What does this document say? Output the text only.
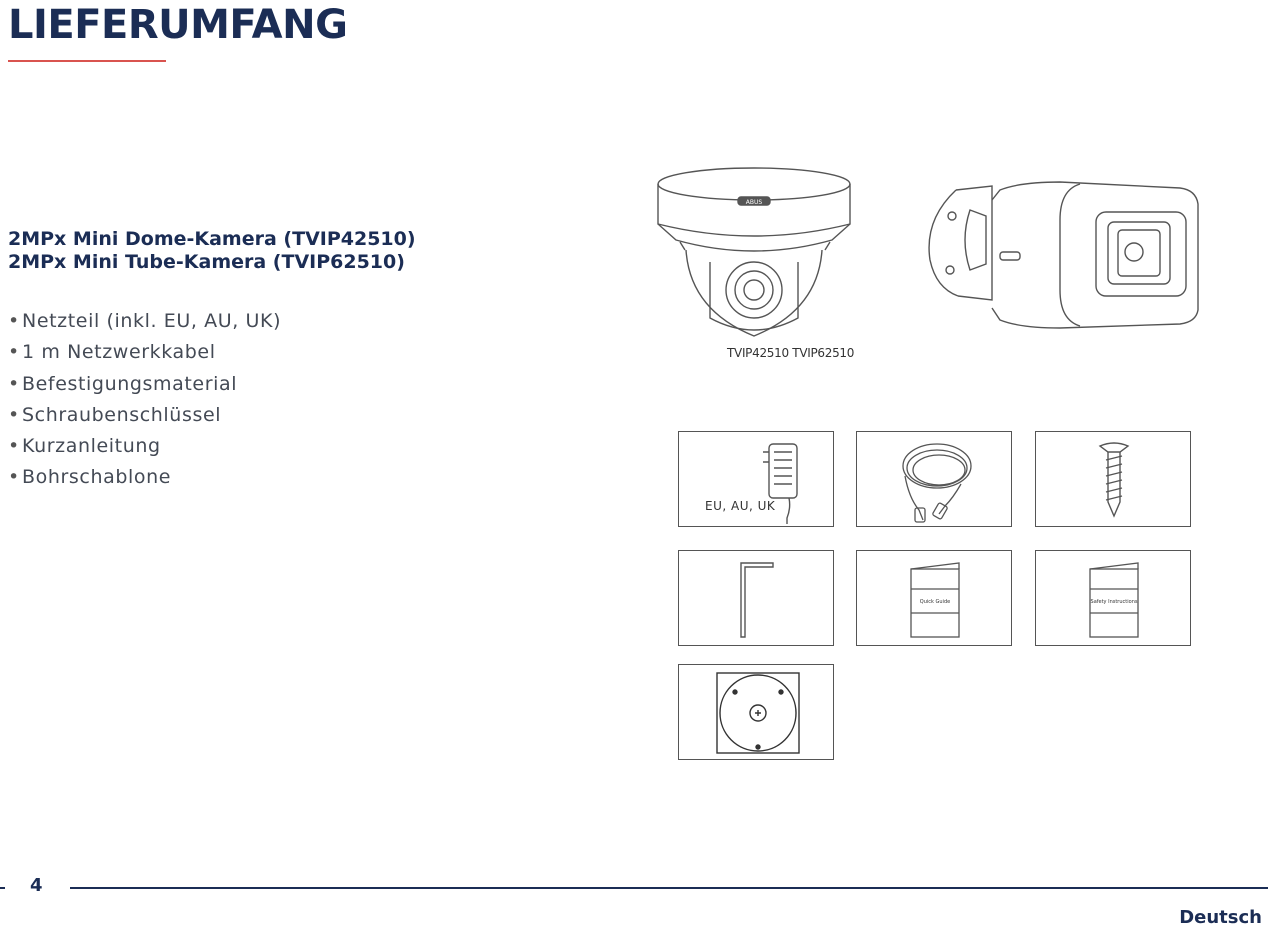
LIEFERUMFANG
2MPx Mini Dome-Kamera (TVIP42510)
2MPx Mini Tube-Kamera (TVIP62510)
• Netzteil (inkl. EU, AU, UK)
• 1 m Netzwerkkabel
• Befestigungsmaterial
• Schraubenschlüssel
• Kurzanleitung
• Bohrschablone
ABUS
TVIP42510 TVIP62510
EU, AU, UK
Quick Guide	Safety Instructions
4
Deutsch
